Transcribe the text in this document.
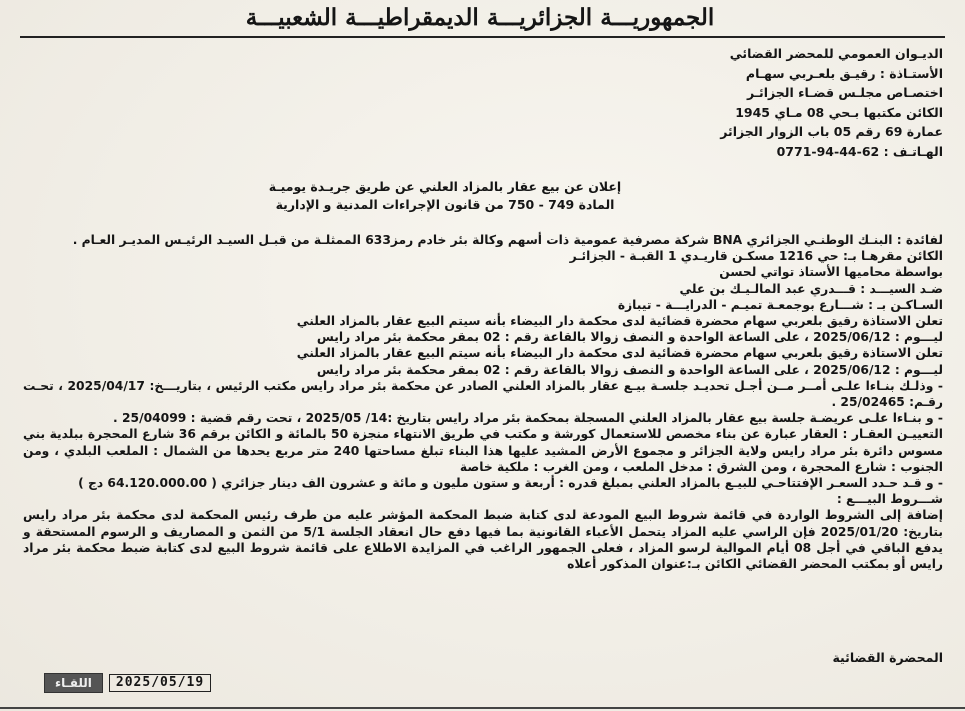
الجمهوريـــة الجزائريـــة الديمقراطيـــة الشعبيـــة
الديـوان العمومي للمحضر القضائي
الأستـاذة : رقيـق بلعـربي سهـام
اختصـاص مجلـس قضـاء الجزائـر
الكائن مكتبها بـحي 08 مـاي 1945
عمارة 69 رقم 05 باب الزوار الجزائر
الهـاتـف : 62-44-94-0771
إعلان عن بيع عقار بالمزاد العلني عن طريق جريـدة يوميـة
المادة 749 - 750 من قانون الإجراءات المدنية و الإدارية

لفائدة : البنـك الوطنـي الجزائري BNA شركة مصرفية عمومية ذات أسهم وكالة بئر خادم رمز633 الممثلـة من قبـل السيـد الرئيـس المديـر العـام .

الكائن مقرهـا بـ: حي 1216 مسكـن قاريـدي 1 القبـة - الجزائـر

بواسطة محاميها الأستاذ تواتي لحسن

ضـد السيـــد : قـــدري عبد المالـيـك بن علي

السـاكـن بـ : شـــارع بوجمعـة تميـم - الدرايـــة - تيبازة

تعلن الاستاذة رقيق بلعربي سهام محضرة قضائية لدى محكمة دار البيضاء بأنه سيتم البيع عقار بالمزاد العلني

ليـــوم : 2025/06/12 ، على الساعة الواحدة و النصف زوالا بالقاعة رقم : 02 بمقر محكمة بئر مراد رايس

تعلن الاستاذة رقيق بلعربي سهام محضرة قضائية لدى محكمة دار البيضاء بأنه سيتم البيع عقار بالمزاد العلني

ليـــوم : 2025/06/12 ، على الساعة الواحدة و النصف زوالا بالقاعة رقم : 02 بمقر محكمة بئر مراد رايس

- وذلـك بنـاءا علـى أمــر مــن أجـل تحديـد جلسـة بيـع عقار بالمزاد العلني الصادر عن محكمة بئر مراد رايس مكتب الرئيس ، بتاريـــخ: 2025/04/17 ، تحـت رقـم: 25/02465 .

- و بنـاءا علـى عريضـة جلسة بيع عقار بالمزاد العلني المسجلة بمحكمة بئر مراد رايس بتاريخ :14/ 2025/05 ، تحت رقم قضية : 25/04099 .

التعييـن العقـار : العقار عبارة عن بناء مخصص للاستعمال كورشة و مكتب في طريق الانتهاء منجزة 50 بالمائة و الكائن برقم 36 شارع المحجرة ببلدية بني مسوس دائرة بئر مراد رايس ولاية الجزائر و مجموع الأرض المشيد عليها هذا البناء تبلغ مساحتها 240 متر مربع يحدها من الشمال : الملعب البلدي ، ومن الجنوب : شارع المحجرة ، ومن الشرق : مدخل الملعب ، ومن الغرب : ملكية خاصة

- و قـد حـدد السعـر الإفتتاحـي للبيـع بالمزاد العلني بمبلغ قدره : أربعة و ستون مليون و مائة و عشرون الف دينار جزائري ( 64.120.000.00 دج )

شـــروط البيـــع :

إضافة إلى الشروط الواردة في قائمة شروط البيع المودعة لدى كتابة ضبط المحكمة المؤشر عليه من طرف رئيس المحكمة لدى محكمة بئر مراد رايس بتاريخ: 2025/01/20 فإن الراسي عليه المزاد يتحمل الأعباء القانونية بما فيها دفع حال انعقاد الجلسة 5/1 من الثمن و المصاريف و الرسوم المستحقة و يدفع الباقي في أجل 08 أيام الموالية لرسو المزاد ، فعلى الجمهور الراغب في المزايدة الاطلاع على قائمة شروط البيع لدى كتابة ضبط محكمة بئر مراد رايس أو بمكتب المحضر القضائي الكائن بـ:عنوان المذكور أعلاه

المحضرة القضائية
اللقـاء	2025/05/19
